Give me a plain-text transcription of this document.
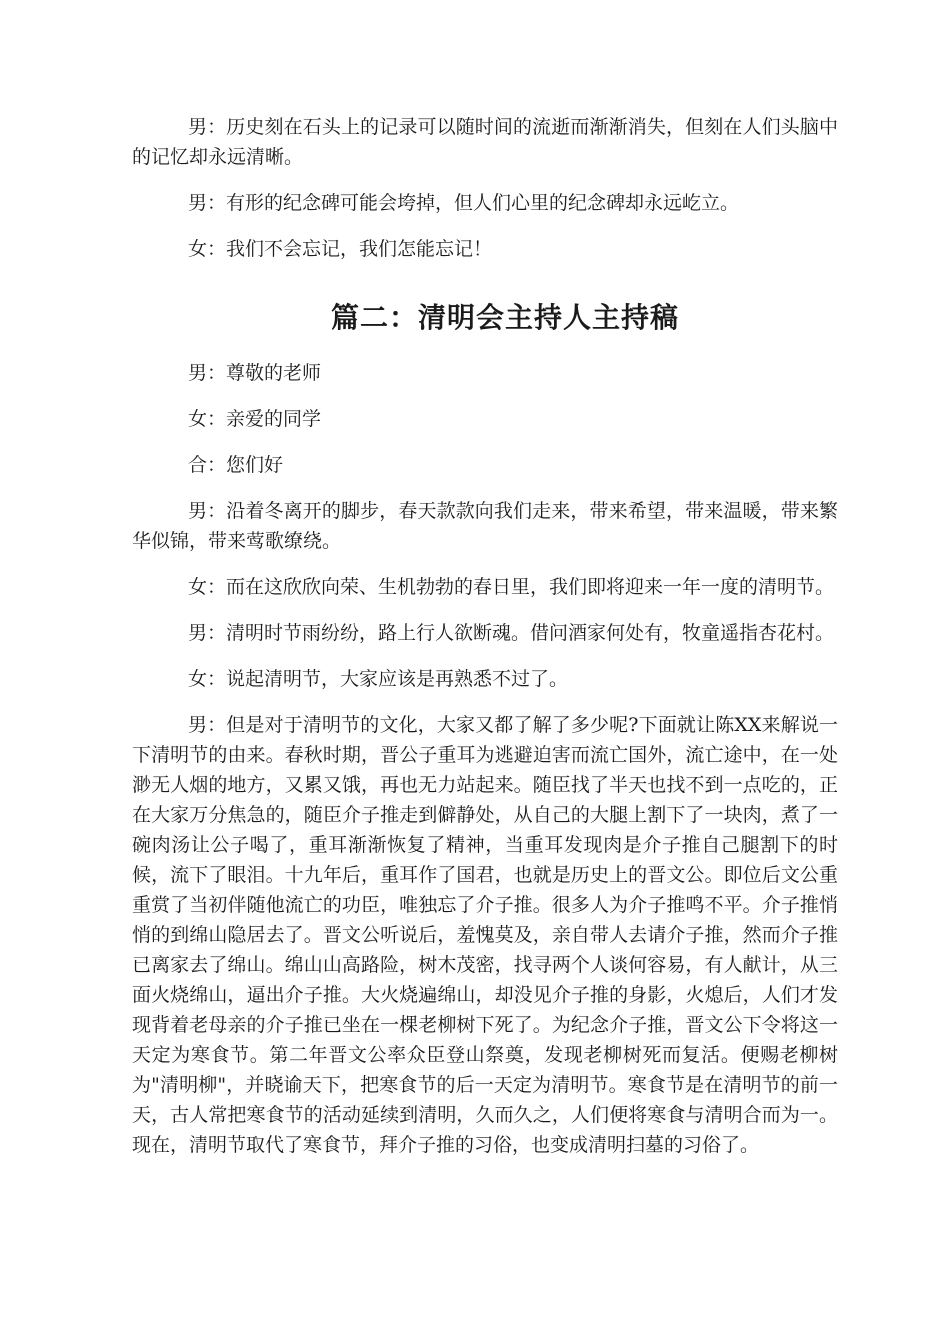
男：历史刻在石头上的记录可以随时间的流逝而渐渐消失，但刻在人们头脑中的记忆却永远清晰。

男：有形的纪念碑可能会垮掉，但人们心里的纪念碑却永远屹立。

女：我们不会忘记，我们怎能忘记！

篇二：清明会主持人主持稿

男：尊敬的老师

女：亲爱的同学

合：您们好

男：沿着冬离开的脚步，春天款款向我们走来，带来希望，带来温暖，带来繁华似锦，带来莺歌缭绕。

女：而在这欣欣向荣、生机勃勃的春日里，我们即将迎来一年一度的清明节。

男：清明时节雨纷纷，路上行人欲断魂。借问酒家何处有，牧童遥指杏花村。

女：说起清明节，大家应该是再熟悉不过了。

男：但是对于清明节的文化，大家又都了解了多少呢?下面就让陈XX来解说一下清明节的由来。春秋时期，晋公子重耳为逃避迫害而流亡国外，流亡途中，在一处渺无人烟的地方，又累又饿，再也无力站起来。随臣找了半天也找不到一点吃的，正在大家万分焦急的，随臣介子推走到僻静处，从自己的大腿上割下了一块肉，煮了一碗肉汤让公子喝了，重耳渐渐恢复了精神，当重耳发现肉是介子推自己腿割下的时候，流下了眼泪。十九年后，重耳作了国君，也就是历史上的晋文公。即位后文公重重赏了当初伴随他流亡的功臣，唯独忘了介子推。很多人为介子推鸣不平。介子推悄悄的到绵山隐居去了。晋文公听说后，羞愧莫及，亲自带人去请介子推，然而介子推已离家去了绵山。绵山山高路险，树木茂密，找寻两个人谈何容易，有人献计，从三面火烧绵山，逼出介子推。大火烧遍绵山，却没见介子推的身影，火熄后，人们才发现背着老母亲的介子推已坐在一棵老柳树下死了。为纪念介子推，晋文公下令将这一天定为寒食节。第二年晋文公率众臣登山祭奠，发现老柳树死而复活。便赐老柳树为"清明柳"，并晓谕天下，把寒食节的后一天定为清明节。寒食节是在清明节的前一天，古人常把寒食节的活动延续到清明，久而久之，人们便将寒食与清明合而为一。现在，清明节取代了寒食节，拜介子推的习俗，也变成清明扫墓的习俗了。
